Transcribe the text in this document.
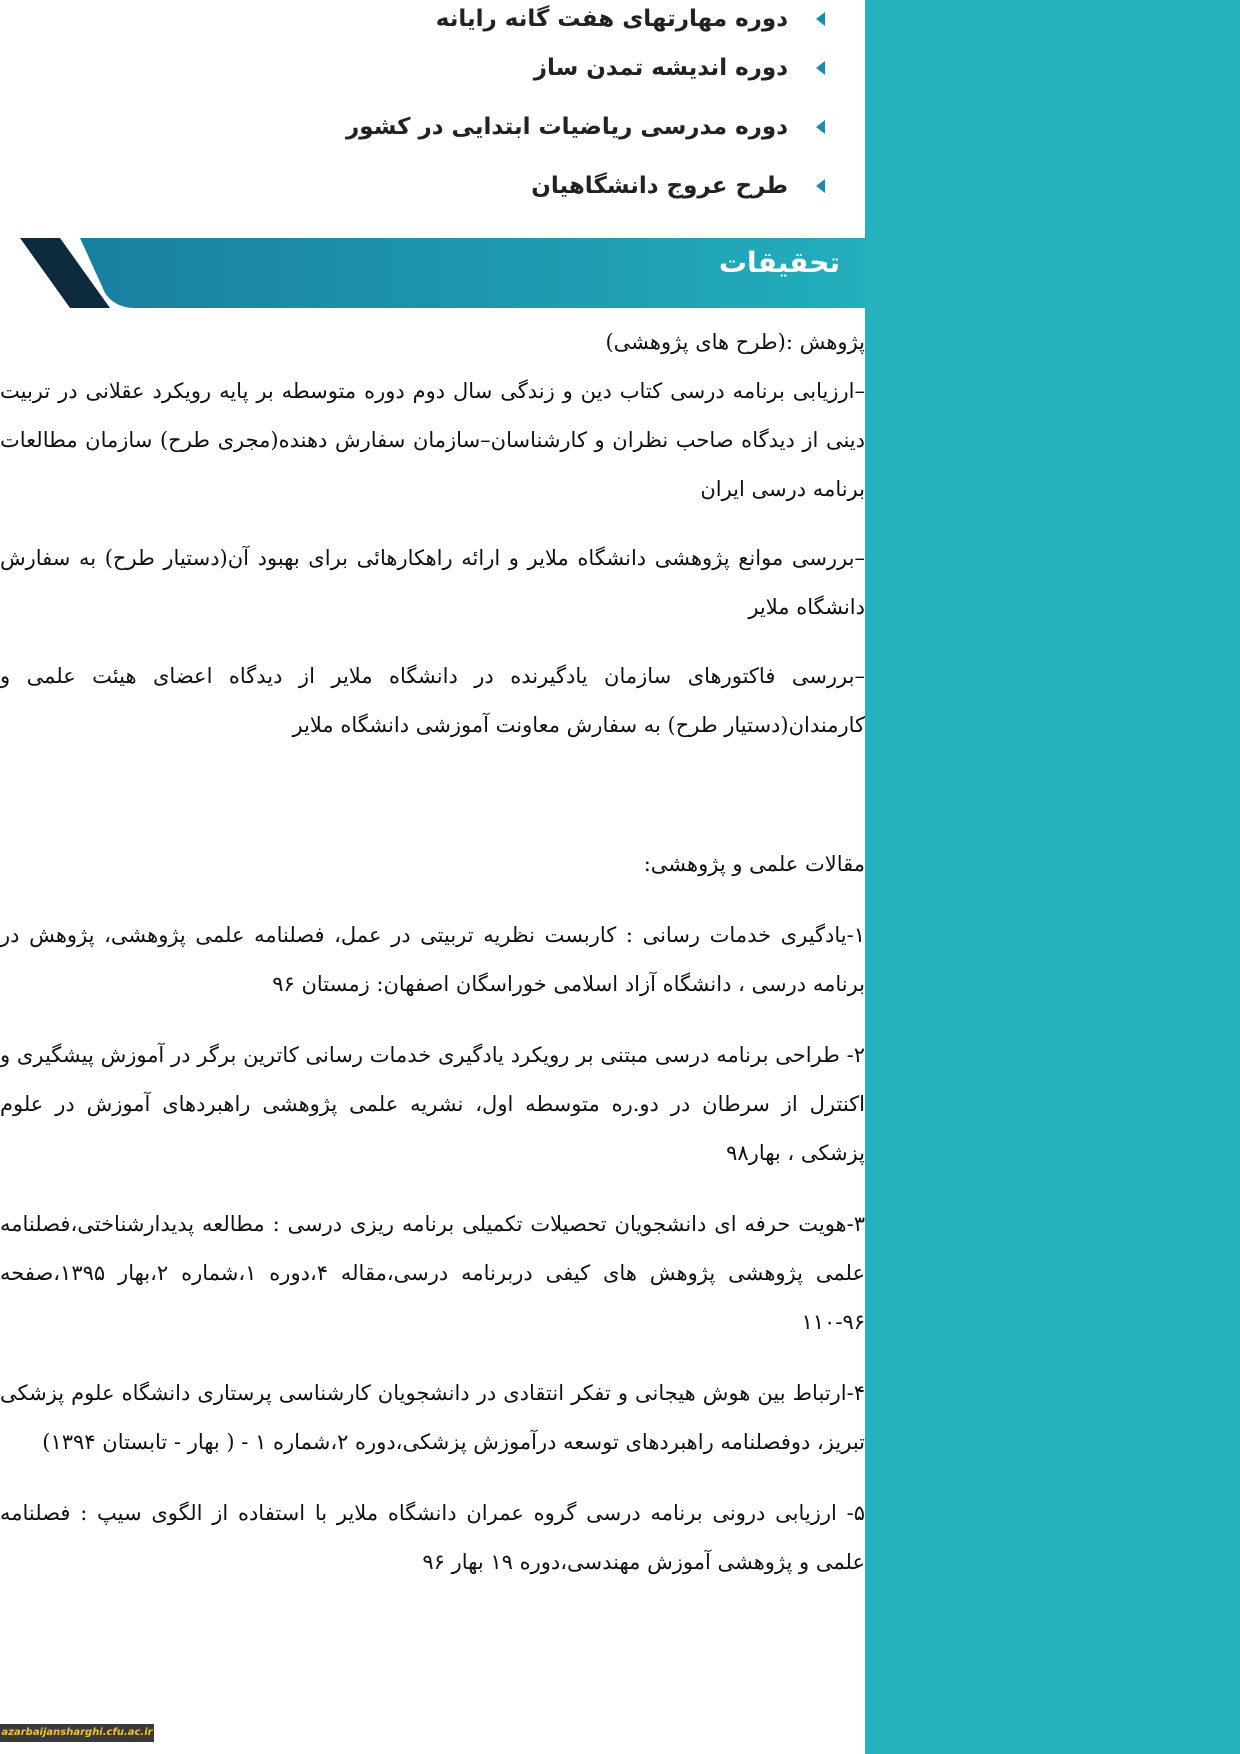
دوره مهارتهای هفت گانه رایانه
دوره اندیشه تمدن ساز
دوره مدرسی ریاضیات ابتدایی در کشور
طرح عروج دانشگاهیان
تحقیقات

پژوهش :(طرح های پژوهشی)

–ارزیابی برنامه درسی کتاب دین و زندگی سال دوم دوره متوسطه بر پایه رویکرد عقلانی در تربیت دینی از دیدگاه صاحب نظران و کارشناسان–سازمان سفارش دهنده(مجری طرح) سازمان مطالعات برنامه درسی ایران

–بررسی موانع پژوهشی دانشگاه ملایر و ارائه راهکارهائی برای بهبود آن(دستیار طرح) به سفارش دانشگاه ملایر

–بررسی فاکتورهای سازمان یادگیرنده در دانشگاه ملایر از دیدگاه اعضای هیئت علمی و کارمندان(دستیار طرح) به سفارش معاونت آموزشی دانشگاه ملایر

مقالات علمی و پژوهشی:

۱-یادگیری خدمات رسانی : کاربست نظریه تربیتی در عمل، فصلنامه علمی پژوهشی، پژوهش در برنامه درسی ، دانشگاه آزاد اسلامی خوراسگان اصفهان: زمستان ۹۶

۲- طراحی برنامه درسی مبتنی بر رویکرد یادگیری خدمات رسانی کاترین برگر در آموزش پیشگیری و اکنترل از سرطان در دو.ره متوسطه اول، نشریه علمی پژوهشی راهبردهای آموزش در علوم پزشکی ، بهار۹۸

۳-هویت حرفه ای دانشجویان تحصیلات تکمیلی برنامه ریزی درسی : مطالعه پدیدارشناختی،فصلنامه علمی پژوهشی پژوهش های کیفی دربرنامه درسی،مقاله ۴،دوره ۱،شماره ۲،بهار ۱۳۹۵،صفحه ۹۶-۱۱۰

۴-ارتباط بین هوش هیجانی و تفکر انتقادی در دانشجویان کارشناسی پرستاری دانشگاه علوم پزشکی تبریز، دوفصلنامه راهبردهای توسعه درآموزش پزشکی،دوره ۲،شماره ۱ - ( بهار - تابستان ۱۳۹۴)

۵- ارزیابی درونی برنامه درسی گروه عمران دانشگاه ملایر با استفاده از الگوی سیپ : فصلنامه علمی و پژوهشی آموزش مهندسی،دوره ۱۹ بهار ۹۶

azarbaijansharghi.cfu.ac.ir
